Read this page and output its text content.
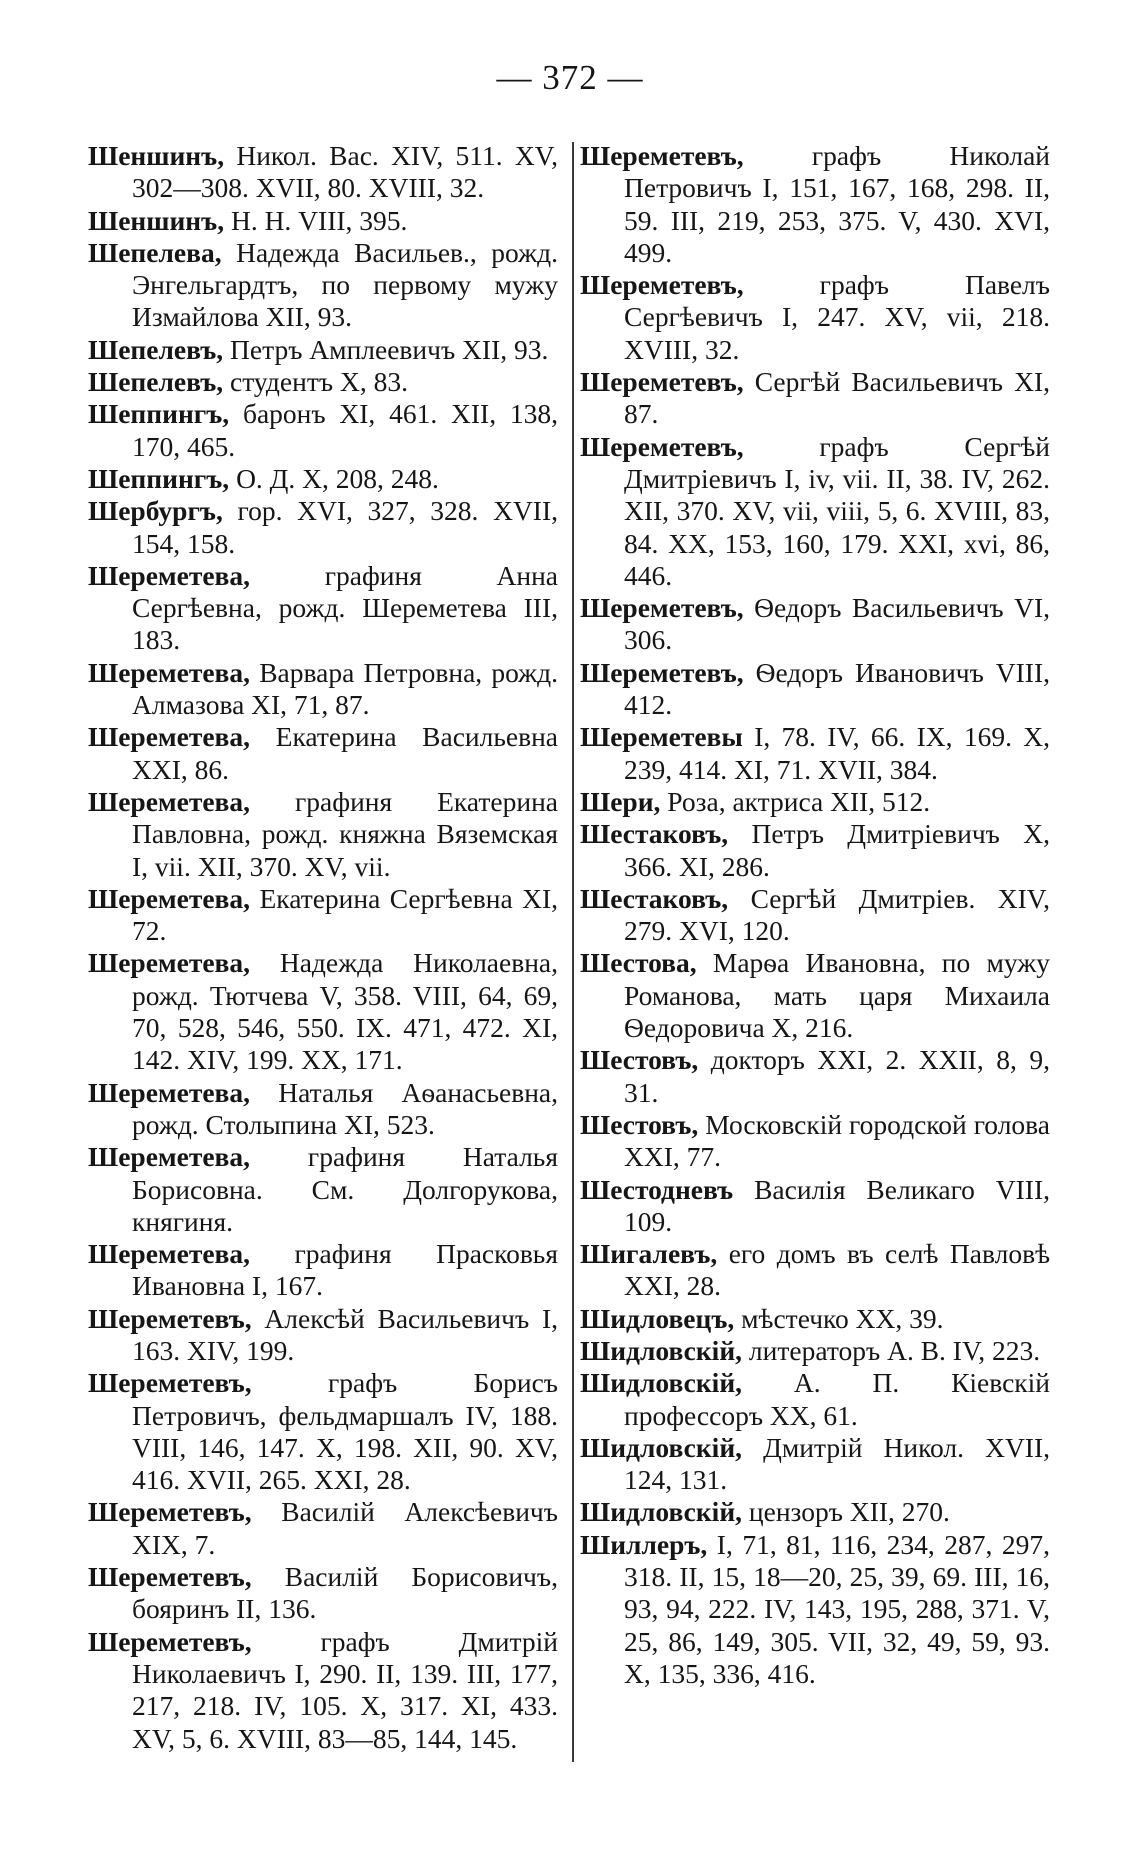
— 372 —

Шеншинъ, Никол. Вас. XIV, 511. XV, 302—308. XVII, 80. XVIII, 32.

Шеншинъ, Н. Н. VIII, 395.

Шепелева, Надежда Васильев., рожд. Энгельгардтъ, по первому мужу Измайлова XII, 93.

Шепелевъ, Петръ Амплеевичъ XII, 93.

Шепелевъ, студентъ X, 83.

Шеппингъ, баронъ XI, 461. XII, 138, 170, 465.

Шеппингъ, О. Д. X, 208, 248.

Шербургъ, гор. XVI, 327, 328. XVII, 154, 158.

Шереметева, графиня Анна Сергѣевна, рожд. Шереметева III, 183.

Шереметева, Варвара Петровна, рожд. Алмазова XI, 71, 87.

Шереметева, Екатерина Васильевна XXI, 86.

Шереметева, графиня Екатерина Павловна, рожд. княжна Вяземская I, vii. XII, 370. XV, vii.

Шереметева, Екатерина Сергѣевна XI, 72.

Шереметева, Надежда Николаевна, рожд. Тютчева V, 358. VIII, 64, 69, 70, 528, 546, 550. IX. 471, 472. XI, 142. XIV, 199. XX, 171.

Шереметева, Наталья Аѳанасьевна, рожд. Столыпина XI, 523.

Шереметева, графиня Наталья Борисовна. См. Долгорукова, княгиня.

Шереметева, графиня Прасковья Ивановна I, 167.

Шереметевъ, Алексѣй Васильевичъ I, 163. XIV, 199.

Шереметевъ, графъ Борисъ Петровичъ, фельдмаршалъ IV, 188. VIII, 146, 147. X, 198. XII, 90. XV, 416. XVII, 265. XXI, 28.

Шереметевъ, Василій Алексѣевичъ XIX, 7.

Шереметевъ, Василій Борисовичъ, бояринъ II, 136.

Шереметевъ, графъ Дмитрій Николаевичъ I, 290. II, 139. III, 177, 217, 218. IV, 105. X, 317. XI, 433. XV, 5, 6. XVIII, 83—85, 144, 145.

Шереметевъ, графъ Николай Петровичъ I, 151, 167, 168, 298. II, 59. III, 219, 253, 375. V, 430. XVI, 499.

Шереметевъ, графъ Павелъ Сергѣевичъ I, 247. XV, vii, 218. XVIII, 32.

Шереметевъ, Сергѣй Васильевичъ XI, 87.

Шереметевъ, графъ Сергѣй Дмитріевичъ I, iv, vii. II, 38. IV, 262. XII, 370. XV, vii, viii, 5, 6. XVIII, 83, 84. XX, 153, 160, 179. XXI, xvi, 86, 446.

Шереметевъ, Ѳедоръ Васильевичъ VI, 306.

Шереметевъ, Ѳедоръ Ивановичъ VIII, 412.

Шереметевы I, 78. IV, 66. IX, 169. X, 239, 414. XI, 71. XVII, 384.

Шери, Роза, актриса XII, 512.

Шестаковъ, Петръ Дмитріевичъ X, 366. XI, 286.

Шестаковъ, Сергѣй Дмитріев. XIV, 279. XVI, 120.

Шестова, Марѳа Ивановна, по мужу Романова, мать царя Михаила Ѳедоровича X, 216.

Шестовъ, докторъ XXI, 2. XXII, 8, 9, 31.

Шестовъ, Московскій городской голова XXI, 77.

Шестодневъ Василія Великаго VIII, 109.

Шигалевъ, его домъ въ селѣ Павловѣ XXI, 28.

Шидловецъ, мѣстечко XX, 39.

Шидловскій, литераторъ А. В. IV, 223.

Шидловскій, А. П. Кіевскій профессоръ XX, 61.

Шидловскій, Дмитрій Никол. XVII, 124, 131.

Шидловскій, цензоръ XII, 270.

Шиллеръ, I, 71, 81, 116, 234, 287, 297, 318. II, 15, 18—20, 25, 39, 69. III, 16, 93, 94, 222. IV, 143, 195, 288, 371. V, 25, 86, 149, 305. VII, 32, 49, 59, 93. X, 135, 336, 416.
